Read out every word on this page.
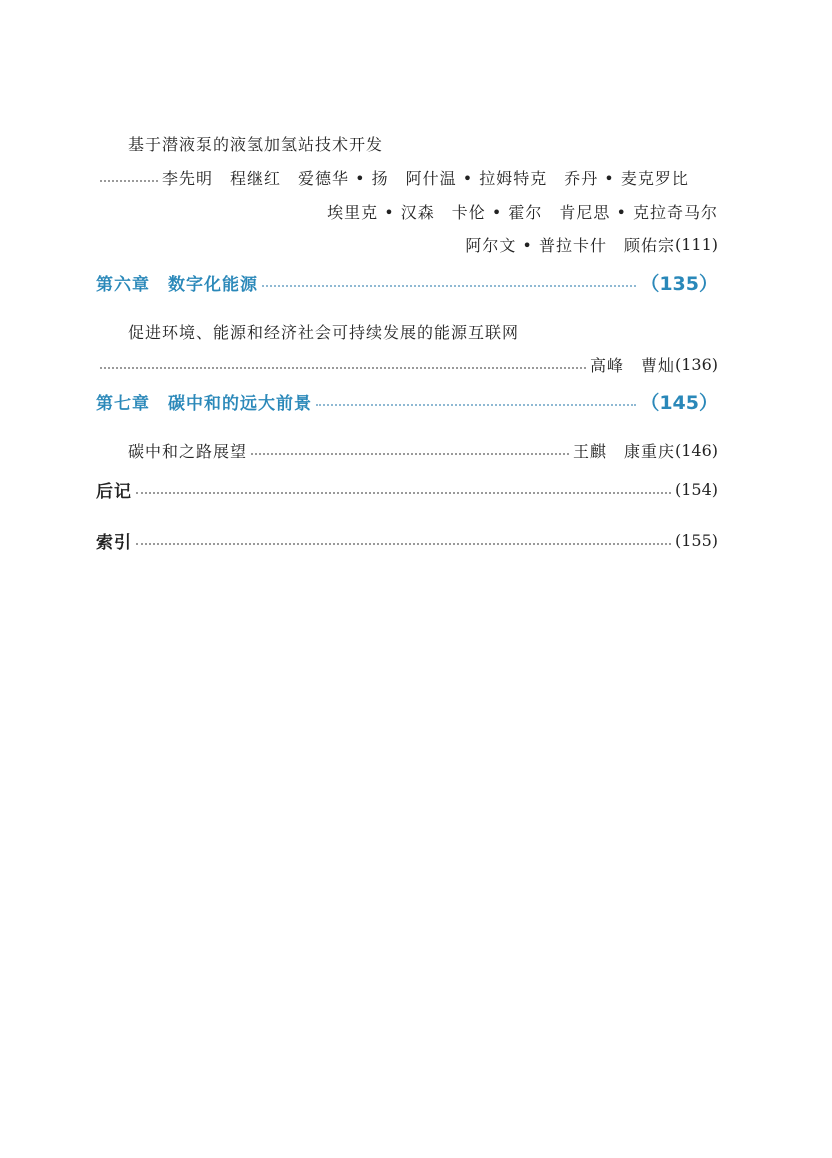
基于潜液泵的液氢加氢站技术开发
李先明　程继红　爱德华 • 扬　阿什温 • 拉姆特克　乔丹 • 麦克罗比
埃里克 • 汉森　卡伦 • 霍尔　肯尼思 • 克拉奇马尔
阿尔文 • 普拉卡什　顾佑宗 (111)
第六章 数字化能源	（135）
促进环境、能源和经济社会可持续发展的能源互联网
高峰　曹灿 (136)
第七章 碳中和的远大前景	（145）
碳中和之路展望	王麒　康重庆 (146)
后记	(154)
索引	(155)
